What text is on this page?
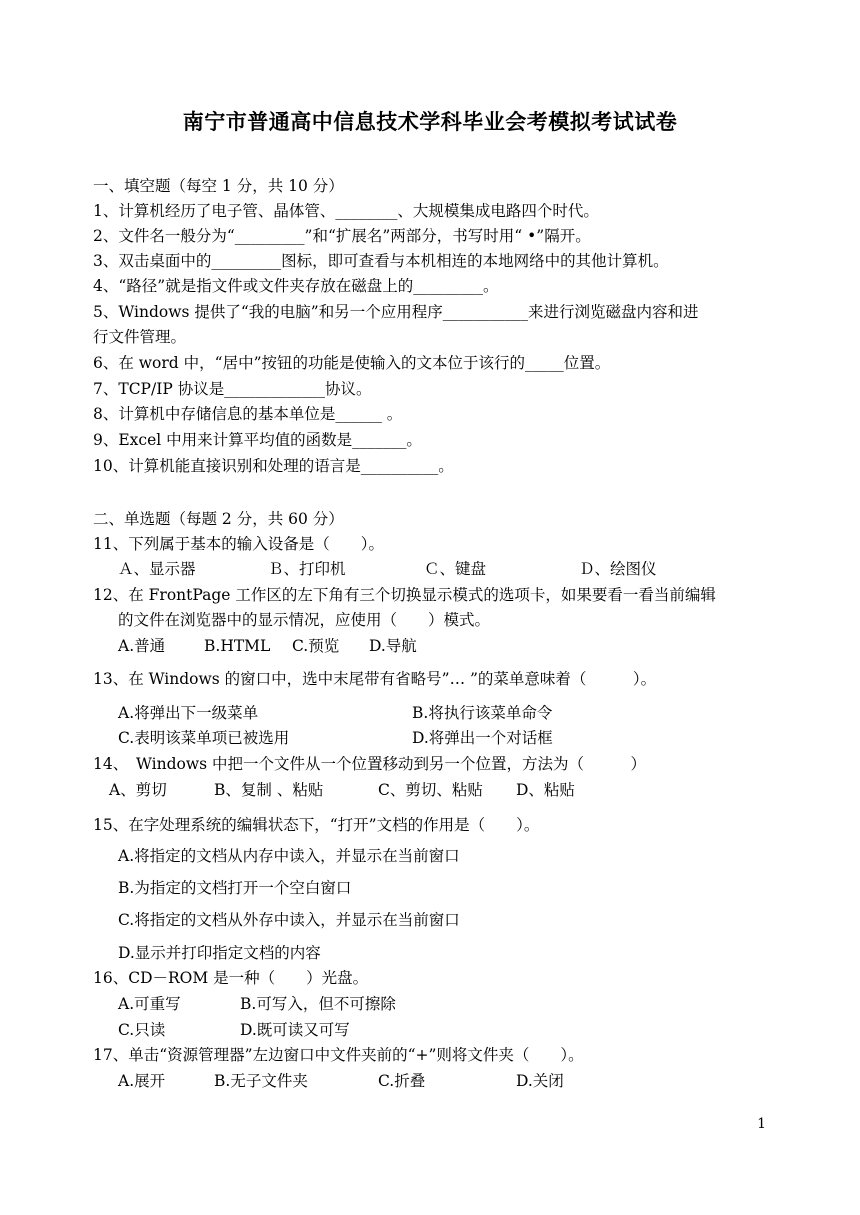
南宁市普通高中信息技术学科毕业会考模拟考试试卷
一、填空题（每空 1 分，共 10 分）
1、计算机经历了电子管、晶体管、________、大规模集成电路四个时代。
2、文件名一般分为“_________”和“扩展名”两部分，书写时用“ •”隔开。
3、双击桌面中的_________图标，即可查看与本机相连的本地网络中的其他计算机。
4、“路径”就是指文件或文件夹存放在磁盘上的_________。
5、Windows 提供了“我的电脑”和另一个应用程序___________来进行浏览磁盘内容和进
行文件管理。
6、在 word 中，“居中”按钮的功能是使输入的文本位于该行的_____位置。
7、TCP/IP 协议是_____________协议。
8、计算机中存储信息的基本单位是______ 。
9、Excel 中用来计算平均值的函数是_______。
10、计算机能直接识别和处理的语言是__________。
二、单选题（每题 2 分，共 60 分）
11、下列属于基本的输入设备是（　　）。
Ａ、显示器	Ｂ、打印机	Ｃ、键盘	Ｄ、绘图仪
12、在 FrontPage 工作区的左下角有三个切换显示模式的选项卡，如果要看一看当前编辑
的文件在浏览器中的显示情况，应使用（　　）模式。
A.普通	B.HTML C.预览 D.导航
13、在 Windows 的窗口中，选中末尾带有省略号”… ”的菜单意味着（　　　）。
A.将弹出下一级菜单	B.将执行该菜单命令
C.表明该菜单项已被选用	D.将弹出一个对话框
14、　Windows 中把一个文件从一个位置移动到另一个位置，方法为（　　　）
A、剪切	B、复制 、粘贴	C、剪切、粘贴 D、粘贴
15、在字处理系统的编辑状态下，“打开”文档的作用是（　　）。
A.将指定的文档从内存中读入，并显示在当前窗口
B.为指定的文档打开一个空白窗口
C.将指定的文档从外存中读入，并显示在当前窗口
D.显示并打印指定文档的内容
16、CD－ROM 是一种（　　）光盘。
A.可重写	B.可写入，但不可擦除
C.只读	D.既可读又可写
17、单击“资源管理器”左边窗口中文件夹前的“+”则将文件夹（　　）。
A.展开	B.无子文件夹	C.折叠	D.关闭
1
